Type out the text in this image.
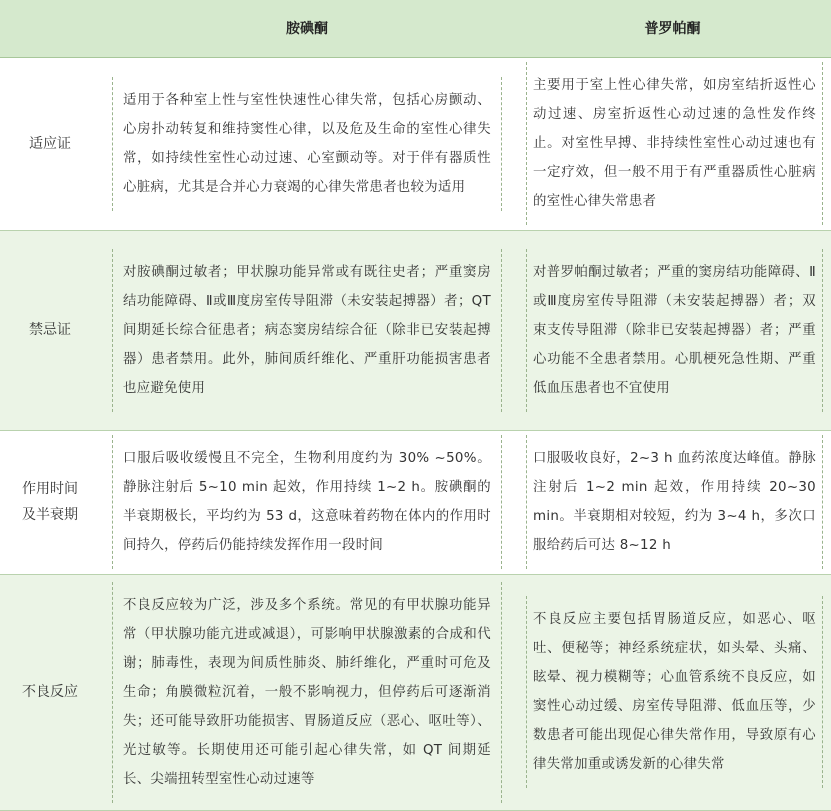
	胺碘酮	普罗帕酮
适应证	适用于各种室上性与室性快速性心律失常，包括心房颤动、心房扑动转复和维持窦性心律，以及危及生命的室性心律失常，如持续性室性心动过速、心室颤动等。对于伴有器质性心脏病，尤其是合并心力衰竭的心律失常患者也较为适用	主要用于室上性心律失常，如房室结折返性心动过速、房室折返性心动过速的急性发作终止。对室性早搏、非持续性室性心动过速也有一定疗效，但一般不用于有严重器质性心脏病的室性心律失常患者

禁忌证	对胺碘酮过敏者；甲状腺功能异常或有既往史者；严重窦房结功能障碍、Ⅱ或Ⅲ度房室传导阻滞（未安装起搏器）者；QT 间期延长综合征患者；病态窦房结综合征（除非已安装起搏器）患者禁用。此外，肺间质纤维化、严重肝功能损害患者也应避免使用	对普罗帕酮过敏者；严重的窦房结功能障碍、Ⅱ或Ⅲ度房室传导阻滞（未安装起搏器）者；双束支传导阻滞（除非已安装起搏器）者；严重心功能不全患者禁用。心肌梗死急性期、严重低血压患者也不宜使用

作用时间及半衰期	口服后吸收缓慢且不完全，生物利用度约为 30% ~50%。静脉注射后 5~10 min 起效，作用持续 1~2 h。胺碘酮的半衰期极长，平均约为 53 d，这意味着药物在体内的作用时间持久，停药后仍能持续发挥作用一段时间	口服吸收良好，2~3 h 血药浓度达峰值。静脉注射后 1~2 min 起效，作用持续 20~30 min。半衰期相对较短，约为 3~4 h，多次口服给药后可达 8~12 h

不良反应	不良反应较为广泛，涉及多个系统。常见的有甲状腺功能异常（甲状腺功能亢进或减退），可影响甲状腺激素的合成和代谢；肺毒性，表现为间质性肺炎、肺纤维化，严重时可危及生命；角膜微粒沉着，一般不影响视力，但停药后可逐渐消失；还可能导致肝功能损害、胃肠道反应（恶心、呕吐等）、光过敏等。长期使用还可能引起心律失常，如 QT 间期延长、尖端扭转型室性心动过速等	不良反应主要包括胃肠道反应，如恶心、呕吐、便秘等；神经系统症状，如头晕、头痛、眩晕、视力模糊等；心血管系统不良反应，如窦性心动过缓、房室传导阻滞、低血压等，少数患者可能出现促心律失常作用，导致原有心律失常加重或诱发新的心律失常
